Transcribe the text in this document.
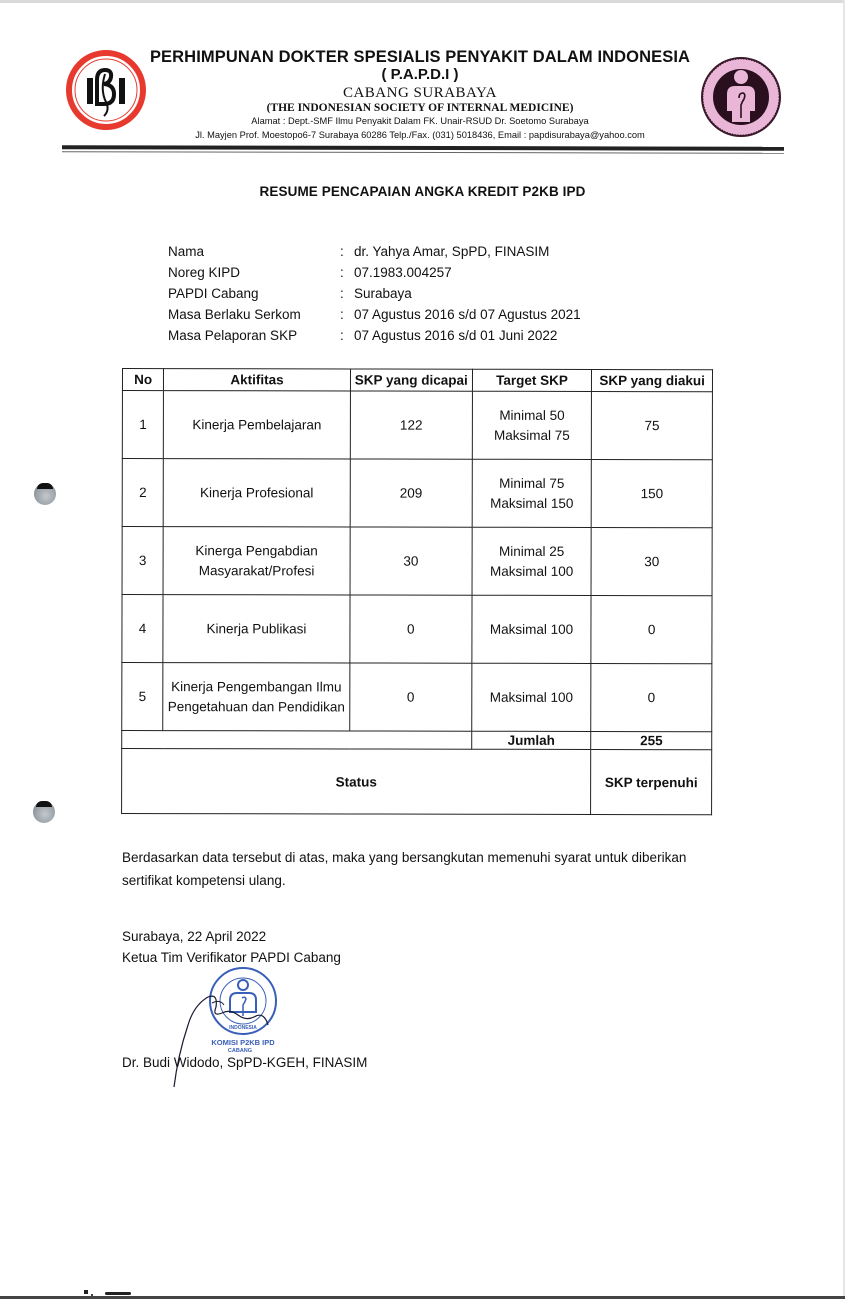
PERHIMPUNAN DOKTER SPESIALIS PENYAKIT DALAM INDONESIA
( P.A.P.D.I )
CABANG SURABAYA
(THE INDONESIAN SOCIETY OF INTERNAL MEDICINE)
Alamat : Dept.-SMF Ilmu Penyakit Dalam FK. Unair-RSUD Dr. Soetomo Surabaya
Jl. Mayjen Prof. Moestopo6-7 Surabaya 60286 Telp./Fax. (031) 5018436, Email : papdisurabaya@yahoo.com
RESUME PENCAPAIAN ANGKA KREDIT P2KB IPD
Nama	: dr. Yahya Amar, SpPD, FINASIM
Noreg KIPD	: 07.1983.004257
PAPDI Cabang	: Surabaya
Masa Berlaku Serkom	: 07 Agustus 2016 s/d 07 Agustus 2021
Masa Pelaporan SKP	: 07 Agustus 2016 s/d 01 Juni 2022
No	Aktifitas	SKP yang dicapai	Target SKP	SKP yang diakui
1	Kinerja Pembelajaran	122	Minimal 50
Maksimal 75	75
2	Kinerja Profesional	209	Minimal 75
Maksimal 150	150
3	Kinerga Pengabdian
Masyarakat/Profesi	30	Minimal 25
Maksimal 100	30
4	Kinerja Publikasi	0	Maksimal 100	0
5	Kinerja Pengembangan Ilmu
Pengetahuan dan Pendidikan	0	Maksimal 100	0
			Jumlah	255
Status				SKP terpenuhi
Berdasarkan data tersebut di atas, maka yang bersangkutan memenuhi syarat untuk diberikan sertifikat kompetensi ulang.
Surabaya, 22 April 2022
Ketua Tim Verifikator PAPDI Cabang
INDONESIA
KOMISI P2KB IPD
CABANG
Dr. Budi Widodo, SpPD-KGEH, FINASIM
